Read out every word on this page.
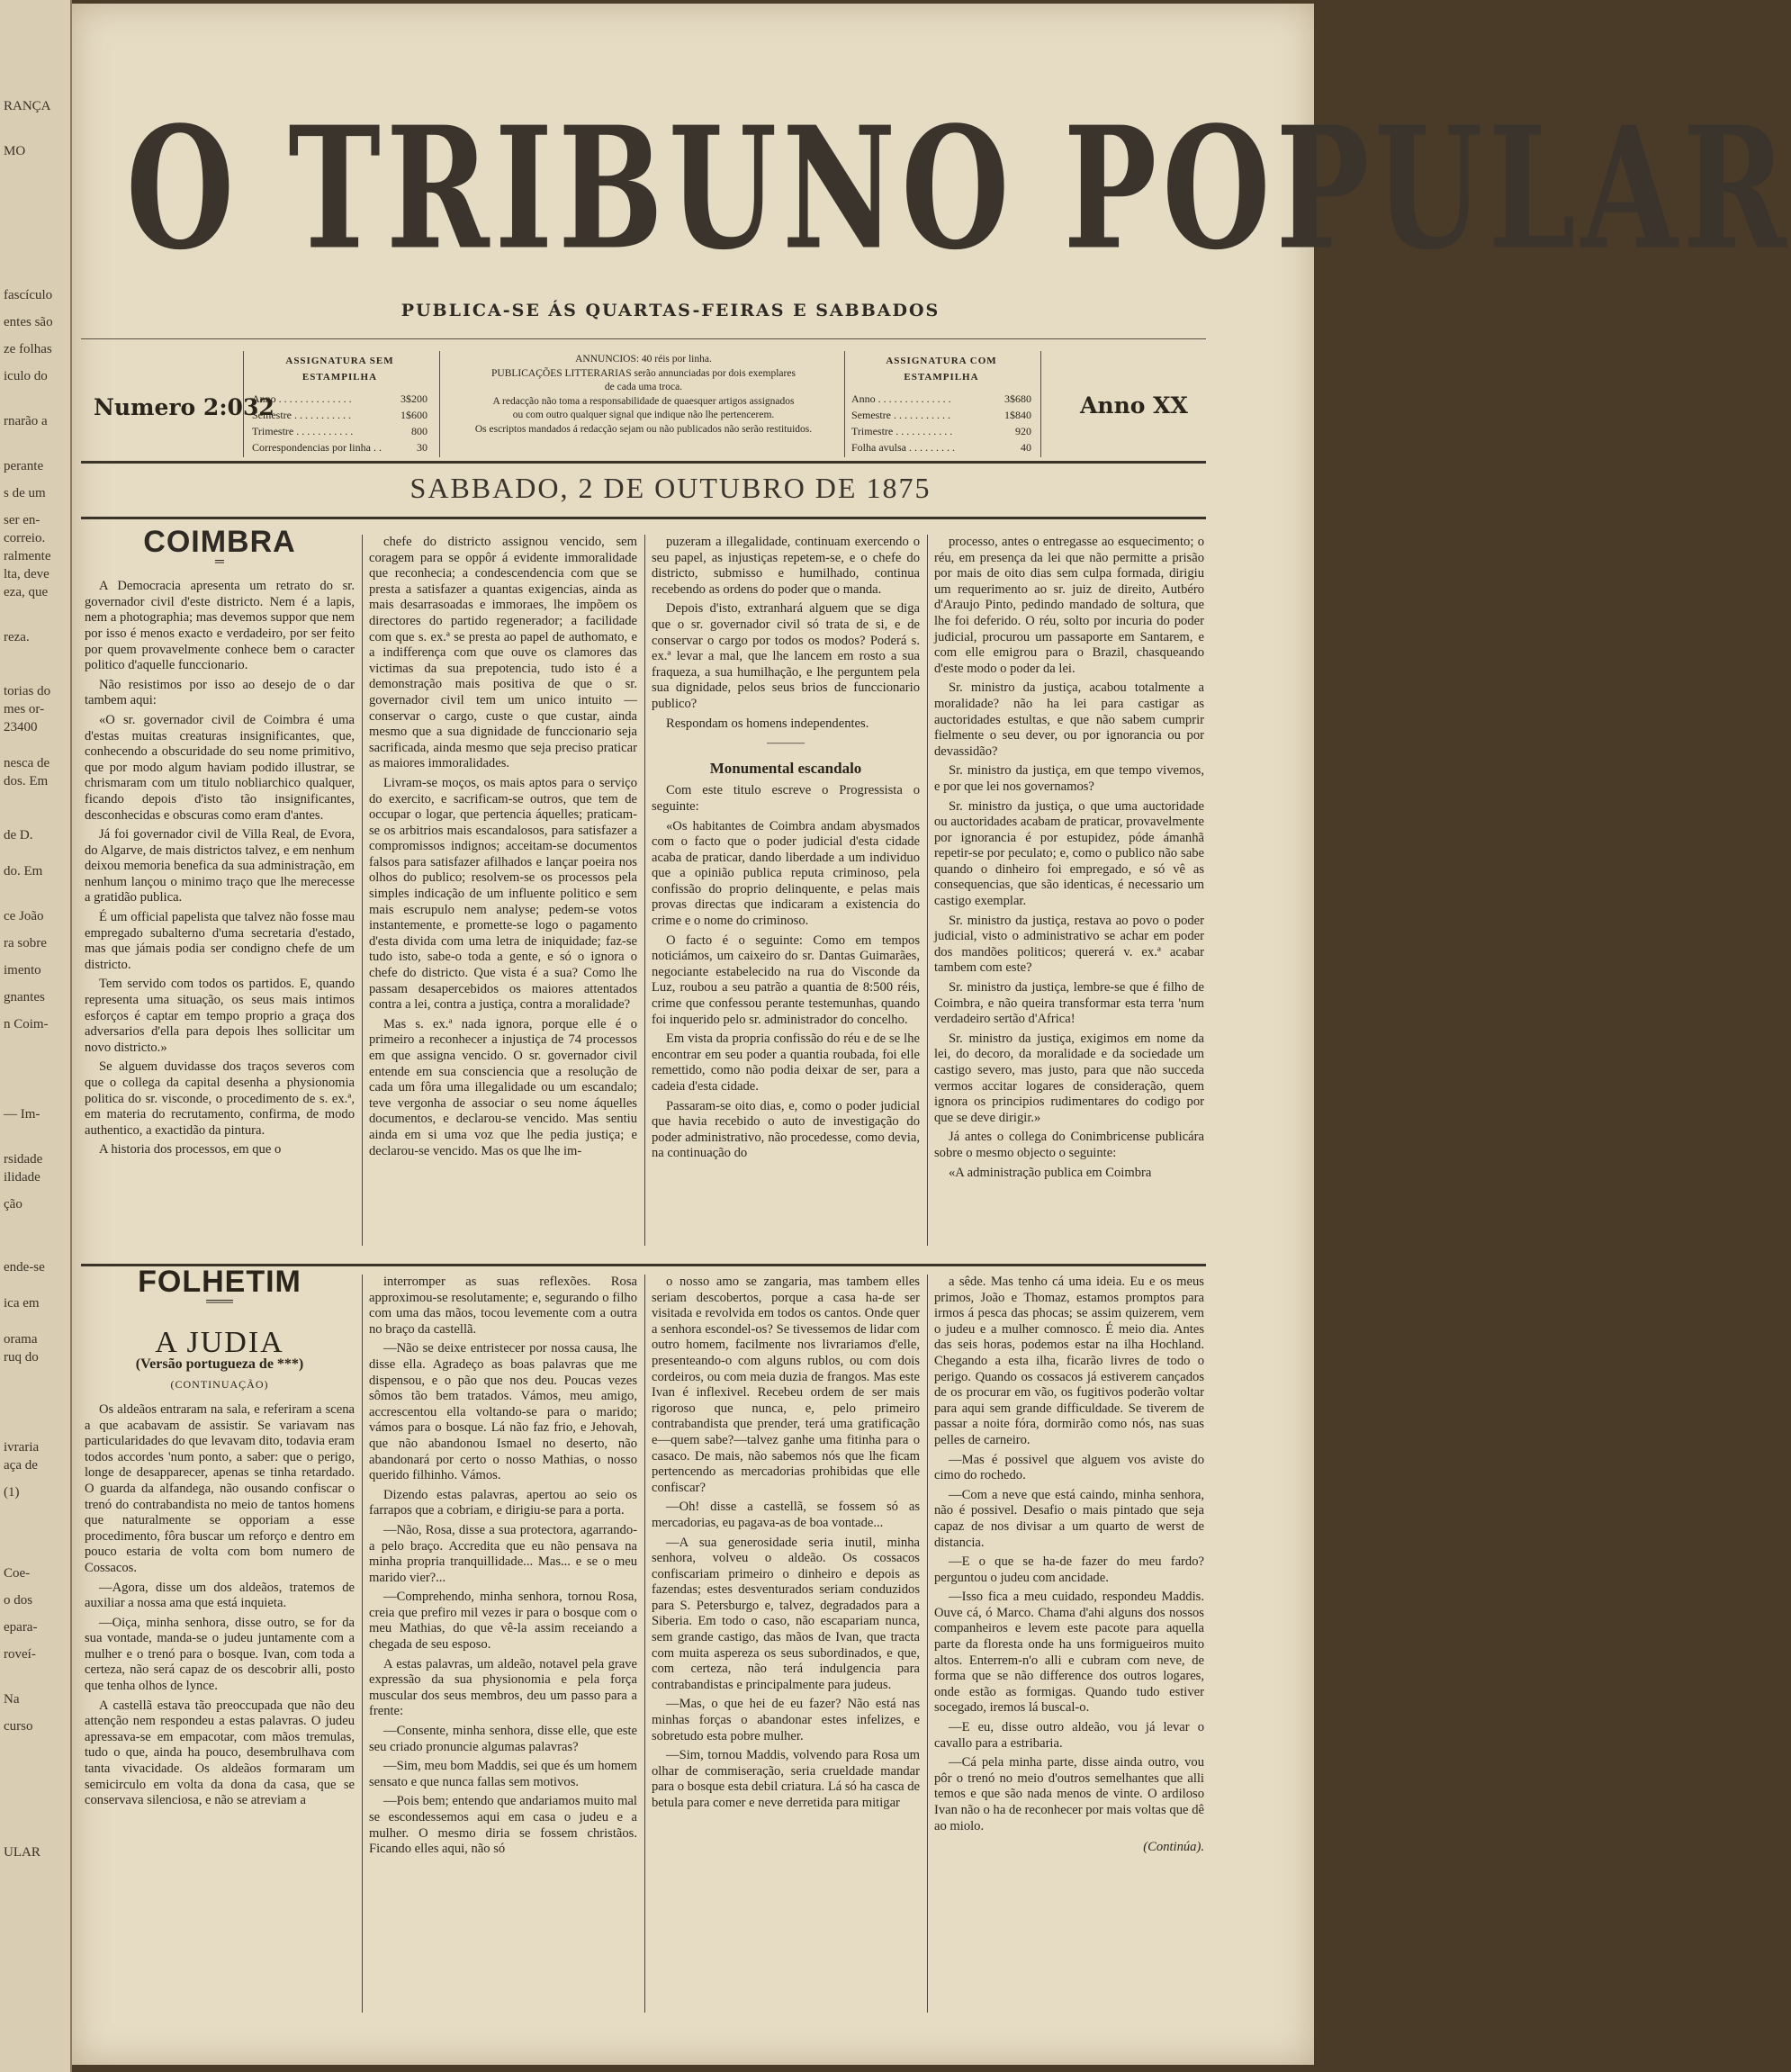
RANÇA
MO
fascículo
entes são
ze folhas
iculo do
rnarão a
perante
s de um
ser en-
correio.
ralmente
lta, deve
eza, que
reza.
torias do
mes or-
23400
nesca de
dos. Em
de D.
do. Em
ce João
ra sobre
imento
gnantes
n Coim-
— Im-
rsidade
ilidade
ção
ende-se
ica em
orama
ruq do
ivraria
aça de
(1)
Coe-
o dos
epara-
roveí-
Na
curso
ULAR
O TRIBUNO POPULAR
PUBLICA-SE ÁS QUARTAS-FEIRAS E SABBADOS
Numero 2:032
ASSIGNATURA SEM ESTAMPILHA
Anno . . . . . . . . . . . . . .	3$200
Semestre . . . . . . . . . . .	1$600
Trimestre . . . . . . . . . . .	800
Correspondencias por linha . .	30
ANNUNCIOS: 40 réis por linha.
PUBLICAÇÕES LITTERARIAS serão annunciadas por dois exemplares
de cada uma troca.
A redacção não toma a responsabilidade de quaesquer artigos assignados
ou com outro qualquer signal que indique não lhe pertencerem.
Os escriptos mandados á redacção sejam ou não publicados não serão restituidos.
ASSIGNATURA COM ESTAMPILHA
Anno . . . . . . . . . . . . . .	3$680
Semestre . . . . . . . . . . .	1$840
Trimestre . . . . . . . . . . .	920
Folha avulsa . . . . . . . . .	40
Anno XX
SABBADO, 2 DE OUTUBRO DE 1875
COIMBRA
═

A Democracia apresenta um retrato do sr. governador civil d'este districto. Nem é a lapis, nem a photographia; mas devemos suppor que nem por isso é menos exacto e verdadeiro, por ser feito por quem provavelmente conhece bem o caracter politico d'aquelle funccionario.

Não resistimos por isso ao desejo de o dar tambem aqui:

«O sr. governador civil de Coimbra é uma d'estas muitas creaturas insignificantes, que, conhecendo a obscuridade do seu nome primitivo, que por modo algum haviam podido illustrar, se chrismaram com um titulo nobliarchico qualquer, ficando depois d'isto tão insignificantes, desconhecidas e obscuras como eram d'antes.

Já foi governador civil de Villa Real, de Evora, do Algarve, de mais districtos talvez, e em nenhum deixou memoria benefica da sua administração, em nenhum lançou o minimo traço que lhe merecesse a gratidão publica.

É um official papelista que talvez não fosse mau empregado subalterno d'uma secretaria d'estado, mas que jámais podia ser condigno chefe de um districto.

Tem servido com todos os partidos. E, quando representa uma situação, os seus mais intimos esforços é captar em tempo proprio a graça dos adversarios d'ella para depois lhes sollicitar um novo districto.»

Se alguem duvidasse dos traços severos com que o collega da capital desenha a physionomia politica do sr. visconde, o procedimento de s. ex.ª, em materia do recrutamento, confirma, de modo authentico, a exactidão da pintura.

A historia dos processos, em que o

chefe do districto assignou vencido, sem coragem para se oppôr á evidente immoralidade que reconhecia; a condescendencia com que se presta a satisfazer a quantas exigencias, ainda as mais desarrasoadas e immoraes, lhe impõem os directores do partido regenerador; a facilidade com que s. ex.ª se presta ao papel de authomato, e a indifferença com que ouve os clamores das victimas da sua prepotencia, tudo isto é a demonstração mais positiva de que o sr. governador civil tem um unico intuito — conservar o cargo, custe o que custar, ainda mesmo que a sua dignidade de funccionario seja sacrificada, ainda mesmo que seja preciso praticar as maiores immoralidades.

Livram-se moços, os mais aptos para o serviço do exercito, e sacrificam-se outros, que tem de occupar o logar, que pertencia áquelles; praticam-se os arbitrios mais escandalosos, para satisfazer a compromissos indignos; acceitam-se documentos falsos para satisfazer afilhados e lançar poeira nos olhos do publico; resolvem-se os processos pela simples indicação de um influente politico e sem mais escrupulo nem analyse; pedem-se votos instantemente, e promette-se logo o pagamento d'esta divida com uma letra de iniquidade; faz-se tudo isto, sabe-o toda a gente, e só o ignora o chefe do districto. Que vista é a sua? Como lhe passam desapercebidos os maiores attentados contra a lei, contra a justiça, contra a moralidade?

Mas s. ex.ª nada ignora, porque elle é o primeiro a reconhecer a injustiça de 74 processos em que assigna vencido. O sr. governador civil entende em sua consciencia que a resolução de cada um fôra uma illegalidade ou um escandalo; teve vergonha de associar o seu nome áquelles documentos, e declarou-se vencido. Mas sentiu ainda em si uma voz que lhe pedia justiça; e declarou-se vencido. Mas os que lhe im-

puzeram a illegalidade, continuam exercendo o seu papel, as injustiças repetem-se, e o chefe do districto, submisso e humilhado, continua recebendo as ordens do poder que o manda.

Depois d'isto, extranhará alguem que se diga que o sr. governador civil só trata de si, e de conservar o cargo por todos os modos? Poderá s. ex.ª levar a mal, que lhe lancem em rosto a sua fraqueza, a sua humilhação, e lhe perguntem pela sua dignidade, pelos seus brios de funccionario publico?

Respondam os homens independentes.

———
Monumental escandalo

Com este titulo escreve o Progressista o seguinte:

«Os habitantes de Coimbra andam abysmados com o facto que o poder judicial d'esta cidade acaba de praticar, dando liberdade a um individuo que a opinião publica reputa criminoso, pela confissão do proprio delinquente, e pelas mais provas directas que indicaram a existencia do crime e o nome do criminoso.

O facto é o seguinte: Como em tempos noticiámos, um caixeiro do sr. Dantas Guimarães, negociante estabelecido na rua do Visconde da Luz, roubou a seu patrão a quantia de 8:500 réis, crime que confessou perante testemunhas, quando foi inquerido pelo sr. administrador do concelho.

Em vista da propria confissão do réu e de se lhe encontrar em seu poder a quantia roubada, foi elle remettido, como não podia deixar de ser, para a cadeia d'esta cidade.

Passaram-se oito dias, e, como o poder judicial que havia recebido o auto de investigação do poder administrativo, não procedesse, como devia, na continuação do

processo, antes o entregasse ao esquecimento; o réu, em presença da lei que não permitte a prisão por mais de oito dias sem culpa formada, dirigiu um requerimento ao sr. juiz de direito, Autbéro d'Araujo Pinto, pedindo mandado de soltura, que lhe foi deferido. O réu, solto por incuria do poder judicial, procurou um passaporte em Santarem, e com elle emigrou para o Brazil, chasqueando d'este modo o poder da lei.

Sr. ministro da justiça, acabou totalmente a moralidade? não ha lei para castigar as auctoridades estultas, e que não sabem cumprir fielmente o seu dever, ou por ignorancia ou por devassidão?

Sr. ministro da justiça, em que tempo vivemos, e por que lei nos governamos?

Sr. ministro da justiça, o que uma auctoridade ou auctoridades acabam de praticar, provavelmente por ignorancia é por estupidez, póde ámanhã repetir-se por peculato; e, como o publico não sabe quando o dinheiro foi empregado, e só vê as consequencias, que são identicas, é necessario um castigo exemplar.

Sr. ministro da justiça, restava ao povo o poder judicial, visto o administrativo se achar em poder dos mandões politicos; quererá v. ex.ª acabar tambem com este?

Sr. ministro da justiça, lembre-se que é filho de Coimbra, e não queira transformar esta terra 'num verdadeiro sertão d'Africa!

Sr. ministro da justiça, exigimos em nome da lei, do decoro, da moralidade e da sociedade um castigo severo, mas justo, para que não succeda vermos accitar logares de consideração, quem ignora os principios rudimentares do codigo por que se deve dirigir.»

Já antes o collega do Conimbricense publicára sobre o mesmo objecto o seguinte:

«A administração publica em Coimbra

FOLHETIM
═══
A JUDIA
(Versão portugueza de ***)
(CONTINUAÇÃO)

Os aldeãos entraram na sala, e referiram a scena a que acabavam de assistir. Se variavam nas particularidades do que levavam dito, todavia eram todos accordes 'num ponto, a saber: que o perigo, longe de desapparecer, apenas se tinha retardado. O guarda da alfandega, não ousando confiscar o trenó do contrabandista no meio de tantos homens que naturalmente se opporiam a esse procedimento, fôra buscar um reforço e dentro em pouco estaria de volta com bom numero de Cossacos.

—Agora, disse um dos aldeãos, tratemos de auxiliar a nossa ama que está inquieta.

—Oiça, minha senhora, disse outro, se for da sua vontade, manda-se o judeu juntamente com a mulher e o trenó para o bosque. Ivan, com toda a certeza, não será capaz de os descobrir alli, posto que tenha olhos de lynce.

A castellã estava tão preoccupada que não deu attenção nem respondeu a estas palavras. O judeu apressava-se em empacotar, com mãos tremulas, tudo o que, ainda ha pouco, desembrulhava com tanta vivacidade. Os aldeãos formaram um semicirculo em volta da dona da casa, que se conservava silenciosa, e não se atreviam a

interromper as suas reflexões. Rosa approximou-se resolutamente; e, segurando o filho com uma das mãos, tocou levemente com a outra no braço da castellã.

—Não se deixe entristecer por nossa causa, lhe disse ella. Agradeço as boas palavras que me dispensou, e o pão que nos deu. Poucas vezes sômos tão bem tratados. Vámos, meu amigo, accrescentou ella voltando-se para o marido; vámos para o bosque. Lá não faz frio, e Jehovah, que não abandonou Ismael no deserto, não abandonará por certo o nosso Mathias, o nosso querido filhinho. Vámos.

Dizendo estas palavras, apertou ao seio os farrapos que a cobriam, e dirigiu-se para a porta.

—Não, Rosa, disse a sua protectora, agarrando-a pelo braço. Accredita que eu não pensava na minha propria tranquillidade... Mas... e se o meu marido vier?...

—Comprehendo, minha senhora, tornou Rosa, creia que prefiro mil vezes ir para o bosque com o meu Mathias, do que vê-la assim receiando a chegada de seu esposo.

A estas palavras, um aldeão, notavel pela grave expressão da sua physionomia e pela força muscular dos seus membros, deu um passo para a frente:

—Consente, minha senhora, disse elle, que este seu criado pronuncie algumas palavras?

—Sim, meu bom Maddis, sei que és um homem sensato e que nunca fallas sem motivos.

—Pois bem; entendo que andariamos muito mal se escondessemos aqui em casa o judeu e a mulher. O mesmo diria se fossem christãos. Ficando elles aqui, não só

o nosso amo se zangaria, mas tambem elles seriam descobertos, porque a casa ha-de ser visitada e revolvida em todos os cantos. Onde quer a senhora escondel-os? Se tivessemos de lidar com outro homem, facilmente nos livrariamos d'elle, presenteando-o com alguns rublos, ou com dois cordeiros, ou com meia duzia de frangos. Mas este Ivan é inflexivel. Recebeu ordem de ser mais rigoroso que nunca, e, pelo primeiro contrabandista que prender, terá uma gratificação e—quem sabe?—talvez ganhe uma fitinha para o casaco. De mais, não sabemos nós que lhe ficam pertencendo as mercadorias prohibidas que elle confiscar?

—Oh! disse a castellã, se fossem só as mercadorias, eu pagava-as de boa vontade...

—A sua generosidade seria inutil, minha senhora, volveu o aldeão. Os cossacos confiscariam primeiro o dinheiro e depois as fazendas; estes desventurados seriam conduzidos para S. Petersburgo e, talvez, degradados para a Siberia. Em todo o caso, não escapariam nunca, sem grande castigo, das mãos de Ivan, que tracta com muita aspereza os seus subordinados, e que, com certeza, não terá indulgencia para contrabandistas e principalmente para judeus.

—Mas, o que hei de eu fazer? Não está nas minhas forças o abandonar estes infelizes, e sobretudo esta pobre mulher.

—Sim, tornou Maddis, volvendo para Rosa um olhar de commiseração, seria crueldade mandar para o bosque esta debil criatura. Lá só ha casca de betula para comer e neve derretida para mitigar

a sêde. Mas tenho cá uma ideia. Eu e os meus primos, João e Thomaz, estamos promptos para irmos á pesca das phocas; se assim quizerem, vem o judeu e a mulher comnosco. É meio dia. Antes das seis horas, podemos estar na ilha Hochland. Chegando a esta ilha, ficarão livres de todo o perigo. Quando os cossacos já estiverem cançados de os procurar em vão, os fugitivos poderão voltar para aqui sem grande difficuldade. Se tiverem de passar a noite fóra, dormirão como nós, nas suas pelles de carneiro.

—Mas é possivel que alguem vos aviste do cimo do rochedo.

—Com a neve que está caindo, minha senhora, não é possivel. Desafio o mais pintado que seja capaz de nos divisar a um quarto de werst de distancia.

—E o que se ha-de fazer do meu fardo? perguntou o judeu com ancidade.

—Isso fica a meu cuidado, respondeu Maddis. Ouve cá, ó Marco. Chama d'ahi alguns dos nossos companheiros e levem este pacote para aquella parte da floresta onde ha uns formigueiros muito altos. Enterrem-n'o alli e cubram com neve, de forma que se não difference dos outros logares, onde estão as formigas. Quando tudo estiver socegado, iremos lá buscal-o.

—E eu, disse outro aldeão, vou já levar o cavallo para a estribaria.

—Cá pela minha parte, disse ainda outro, vou pôr o trenó no meio d'outros semelhantes que alli temos e que são nada menos de vinte. O ardiloso Ivan não o ha de reconhecer por mais voltas que dê ao miolo.

(Continúa).
